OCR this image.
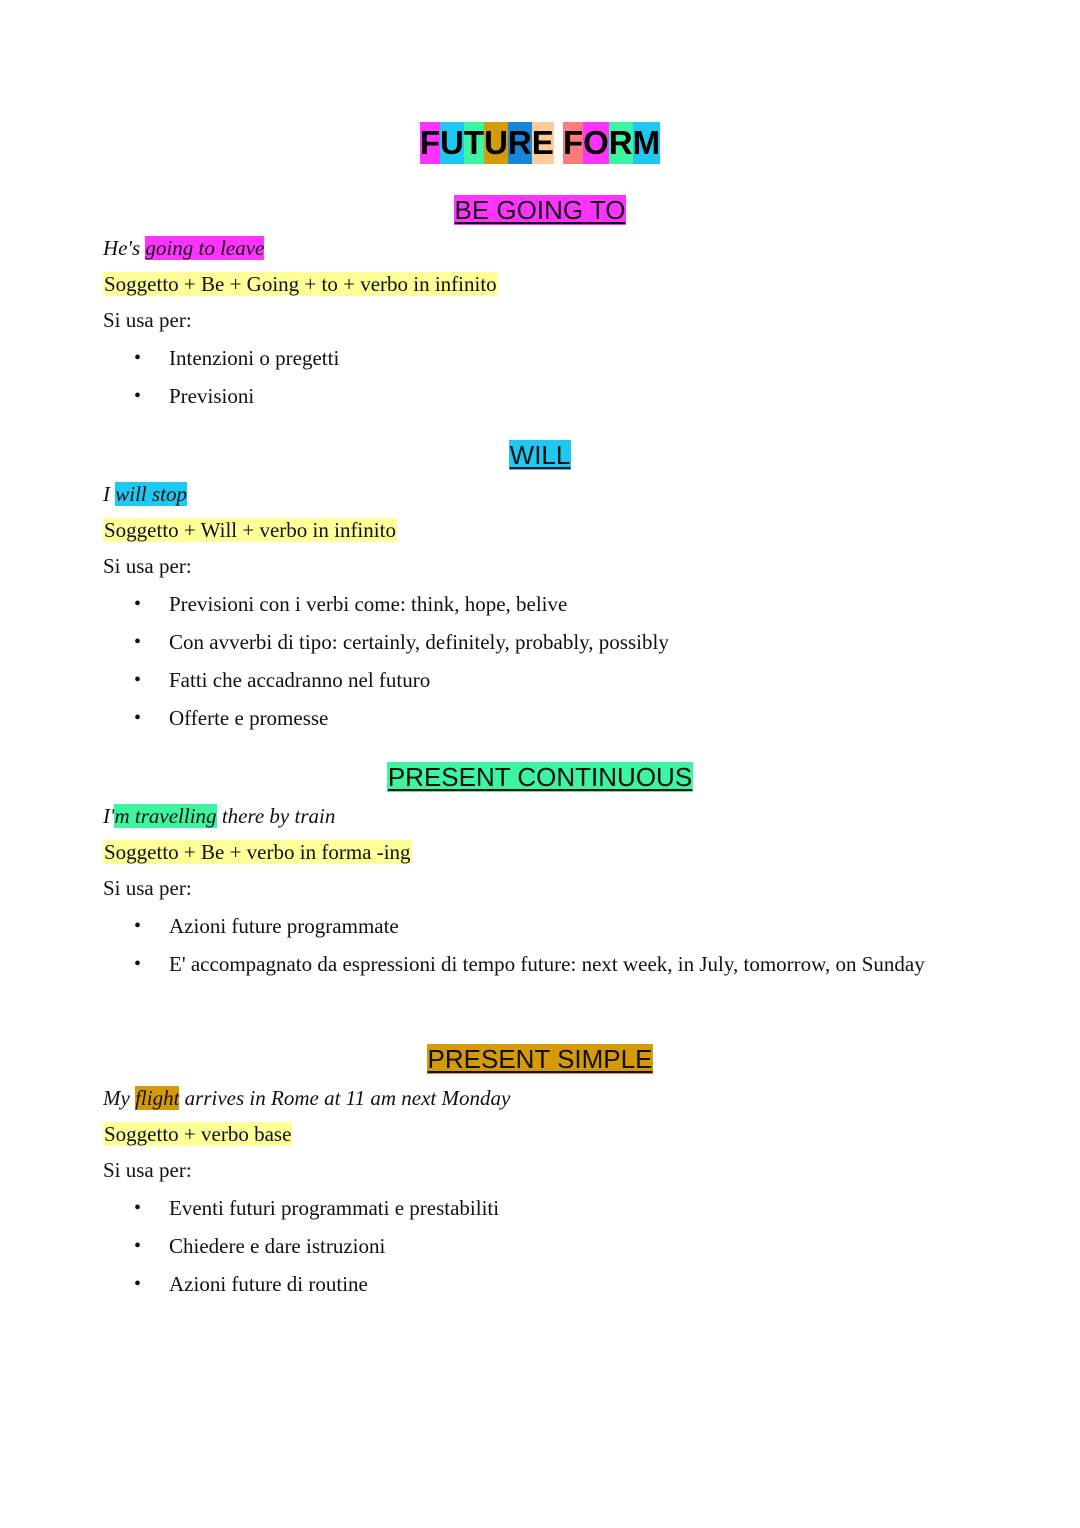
FUTURE FORM
BE GOING TO
He's going to leave
Soggetto + Be + Going + to + verbo in infinito
Si usa per:
• Intenzioni o pregetti
• Previsioni
WILL
I will stop
Soggetto + Will + verbo in infinito
Si usa per:
• Previsioni con i verbi come: think, hope, belive
• Con avverbi di tipo: certainly, definitely, probably, possibly
• Fatti che accadranno nel futuro
• Offerte e promesse
PRESENT CONTINUOUS
I'm travelling there by train
Soggetto + Be + verbo in forma -ing
Si usa per:
• Azioni future programmate
• E' accompagnato da espressioni di tempo future: next week, in July, tomorrow, on Sunday
PRESENT SIMPLE
My flight arrives in Rome at 11 am next Monday
Soggetto + verbo base
Si usa per:
• Eventi futuri programmati e prestabiliti
• Chiedere e dare istruzioni
• Azioni future di routine
